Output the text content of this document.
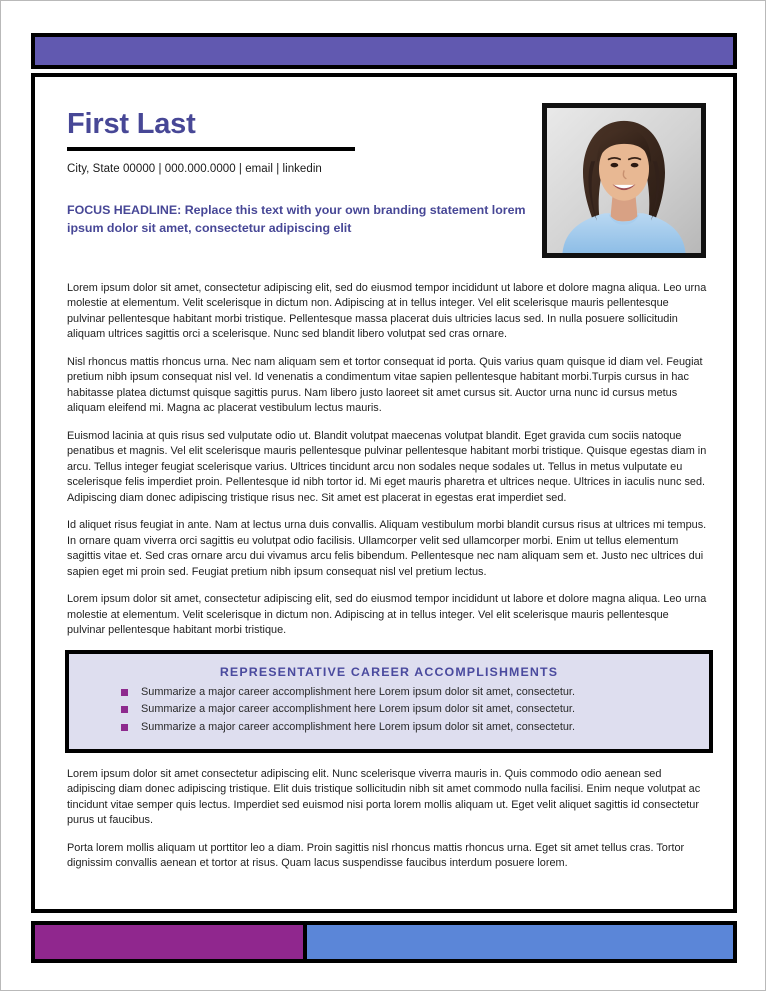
First Last
City, State 00000 | 000.000.0000 | email | linkedin
FOCUS HEADLINE: Replace this text with your own branding statement lorem ipsum dolor sit amet, consectetur adipiscing elit

Lorem ipsum dolor sit amet, consectetur adipiscing elit, sed do eiusmod tempor incididunt ut labore et dolore magna aliqua. Leo urna molestie at elementum. Velit scelerisque in dictum non. Adipiscing at in tellus integer. Vel elit scelerisque mauris pellentesque pulvinar pellentesque habitant morbi tristique. Pellentesque massa placerat duis ultricies lacus sed. In nulla posuere sollicitudin aliquam ultrices sagittis orci a scelerisque. Nunc sed blandit libero volutpat sed cras ornare.

Nisl rhoncus mattis rhoncus urna. Nec nam aliquam sem et tortor consequat id porta. Quis varius quam quisque id diam vel. Feugiat pretium nibh ipsum consequat nisl vel. Id venenatis a condimentum vitae sapien pellentesque habitant morbi.Turpis cursus in hac habitasse platea dictumst quisque sagittis purus. Nam libero justo laoreet sit amet cursus sit. Auctor urna nunc id cursus metus aliquam eleifend mi. Magna ac placerat vestibulum lectus mauris.

Euismod lacinia at quis risus sed vulputate odio ut. Blandit volutpat maecenas volutpat blandit. Eget gravida cum sociis natoque penatibus et magnis. Vel elit scelerisque mauris pellentesque pulvinar pellentesque habitant morbi tristique. Quisque egestas diam in arcu. Tellus integer feugiat scelerisque varius. Ultrices tincidunt arcu non sodales neque sodales ut. Tellus in metus vulputate eu scelerisque felis imperdiet proin. Pellentesque id nibh tortor id. Mi eget mauris pharetra et ultrices neque. Ultrices in iaculis nunc sed. Adipiscing diam donec adipiscing tristique risus nec. Sit amet est placerat in egestas erat imperdiet sed.

Id aliquet risus feugiat in ante. Nam at lectus urna duis convallis. Aliquam vestibulum morbi blandit cursus risus at ultrices mi tempus. In ornare quam viverra orci sagittis eu volutpat odio facilisis. Ullamcorper velit sed ullamcorper morbi. Enim ut tellus elementum sagittis vitae et. Sed cras ornare arcu dui vivamus arcu felis bibendum. Pellentesque nec nam aliquam sem et. Justo nec ultrices dui sapien eget mi proin sed. Feugiat pretium nibh ipsum consequat nisl vel pretium lectus.

Lorem ipsum dolor sit amet, consectetur adipiscing elit, sed do eiusmod tempor incididunt ut labore et dolore magna aliqua. Leo urna molestie at elementum. Velit scelerisque in dictum non. Adipiscing at in tellus integer. Vel elit scelerisque mauris pellentesque pulvinar pellentesque habitant morbi tristique.

REPRESENTATIVE CAREER ACCOMPLISHMENTS
Summarize a major career accomplishment here Lorem ipsum dolor sit amet, consectetur.
Summarize a major career accomplishment here Lorem ipsum dolor sit amet, consectetur.
Summarize a major career accomplishment here Lorem ipsum dolor sit amet, consectetur.

Lorem ipsum dolor sit amet consectetur adipiscing elit. Nunc scelerisque viverra mauris in. Quis commodo odio aenean sed adipiscing diam donec adipiscing tristique. Elit duis tristique sollicitudin nibh sit amet commodo nulla facilisi. Enim neque volutpat ac tincidunt vitae semper quis lectus. Imperdiet sed euismod nisi porta lorem mollis aliquam ut. Eget velit aliquet sagittis id consectetur purus ut faucibus.

Porta lorem mollis aliquam ut porttitor leo a diam. Proin sagittis nisl rhoncus mattis rhoncus urna. Eget sit amet tellus cras. Tortor dignissim convallis aenean et tortor at risus. Quam lacus suspendisse faucibus interdum posuere lorem.
